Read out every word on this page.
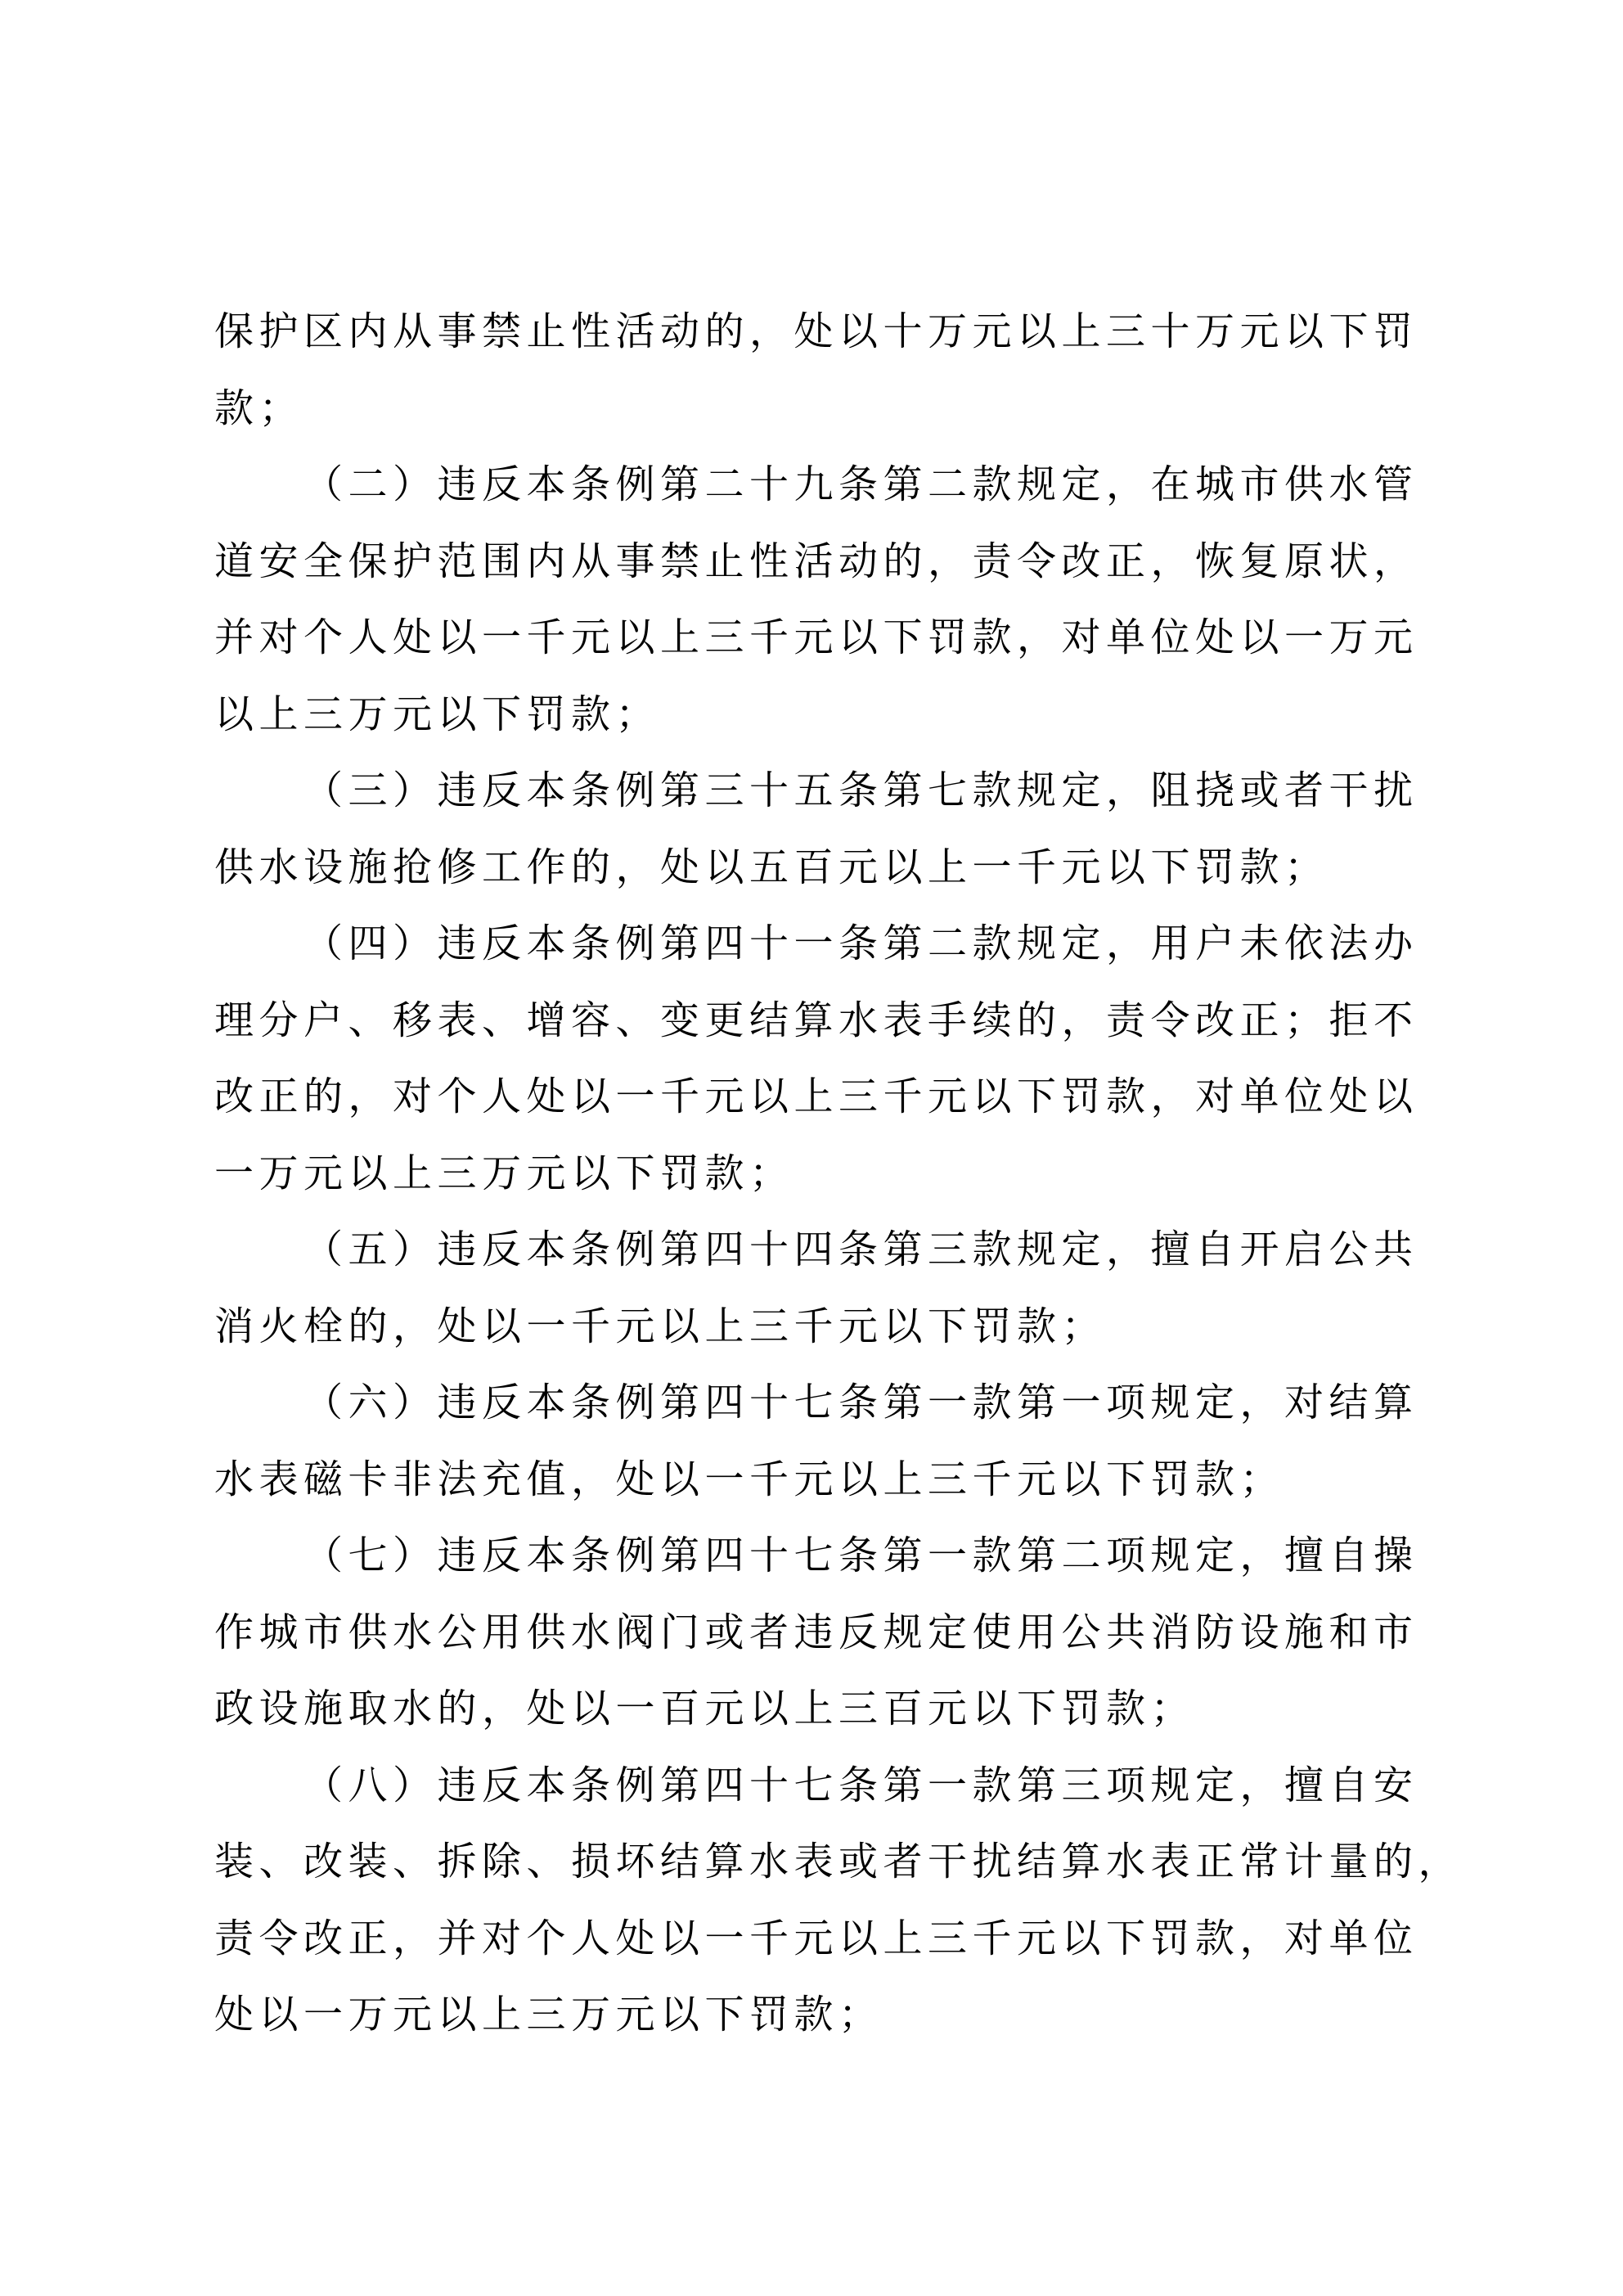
保护区内从事禁止性活动的，处以十万元以上三十万元以下罚
款；
（二）违反本条例第二十九条第二款规定，在城市供水管
道安全保护范围内从事禁止性活动的，责令改正，恢复原状，
并对个人处以一千元以上三千元以下罚款，对单位处以一万元
以上三万元以下罚款；
（三）违反本条例第三十五条第七款规定，阻挠或者干扰
供水设施抢修工作的，处以五百元以上一千元以下罚款；
（四）违反本条例第四十一条第二款规定，用户未依法办
理分户、移表、增容、变更结算水表手续的，责令改正；拒不
改正的，对个人处以一千元以上三千元以下罚款，对单位处以
一万元以上三万元以下罚款；
（五）违反本条例第四十四条第三款规定，擅自开启公共
消火栓的，处以一千元以上三千元以下罚款；
（六）违反本条例第四十七条第一款第一项规定，对结算
水表磁卡非法充值，处以一千元以上三千元以下罚款；
（七）违反本条例第四十七条第一款第二项规定，擅自操
作城市供水公用供水阀门或者违反规定使用公共消防设施和市
政设施取水的，处以一百元以上三百元以下罚款；
（八）违反本条例第四十七条第一款第三项规定，擅自安
装、改装、拆除、损坏结算水表或者干扰结算水表正常计量的，
责令改正，并对个人处以一千元以上三千元以下罚款，对单位
处以一万元以上三万元以下罚款；
